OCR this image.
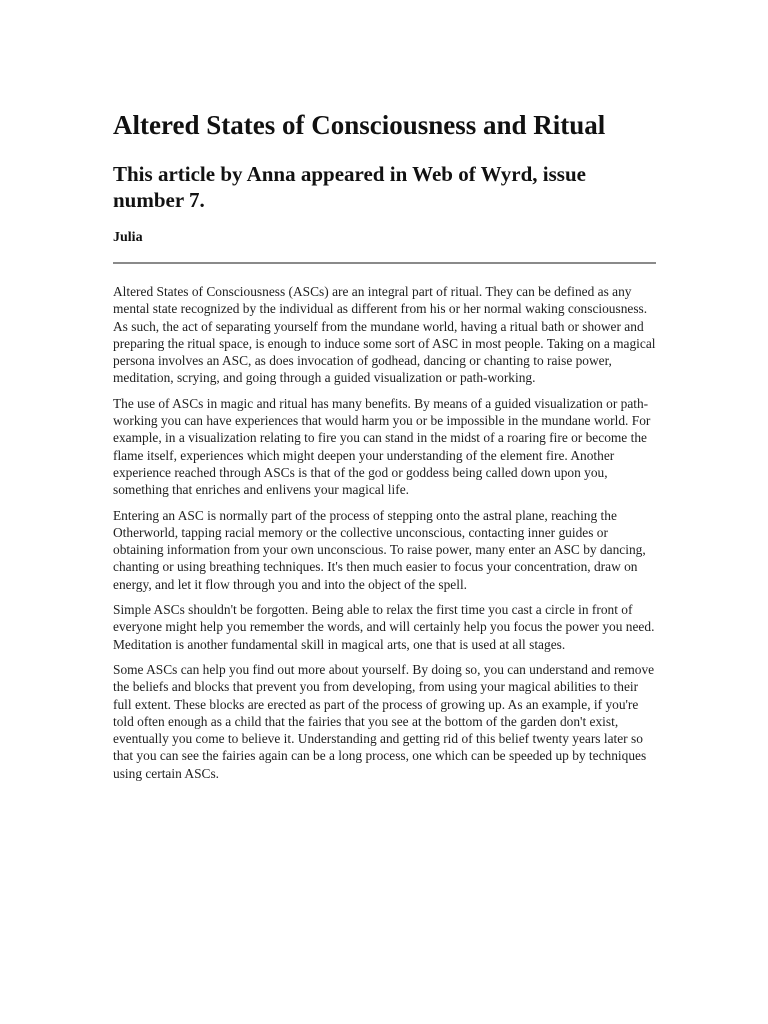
Altered States of Consciousness and Ritual
This article by Anna appeared in Web of Wyrd, issue number 7.
Julia

Altered States of Consciousness (ASCs) are an integral part of ritual. They can be defined as any mental state recognized by the individual as different from his or her normal waking consciousness. As such, the act of separating yourself from the mundane world, having a ritual bath or shower and preparing the ritual space, is enough to induce some sort of ASC in most people. Taking on a magical persona involves an ASC, as does invocation of godhead, dancing or chanting to raise power, meditation, scrying, and going through a guided visualization or path-working.

The use of ASCs in magic and ritual has many benefits. By means of a guided visualization or path-working you can have experiences that would harm you or be impossible in the mundane world. For example, in a visualization relating to fire you can stand in the midst of a roaring fire or become the flame itself, experiences which might deepen your understanding of the element fire. Another experience reached through ASCs is that of the god or goddess being called down upon you, something that enriches and enlivens your magical life.

Entering an ASC is normally part of the process of stepping onto the astral plane, reaching the Otherworld, tapping racial memory or the collective unconscious, contacting inner guides or obtaining information from your own unconscious. To raise power, many enter an ASC by dancing, chanting or using breathing techniques. It's then much easier to focus your concentration, draw on energy, and let it flow through you and into the object of the spell.

Simple ASCs shouldn't be forgotten. Being able to relax the first time you cast a circle in front of everyone might help you remember the words, and will certainly help you focus the power you need. Meditation is another fundamental skill in magical arts, one that is used at all stages.

Some ASCs can help you find out more about yourself. By doing so, you can understand and remove the beliefs and blocks that prevent you from developing, from using your magical abilities to their full extent. These blocks are erected as part of the process of growing up. As an example, if you're told often enough as a child that the fairies that you see at the bottom of the garden don't exist, eventually you come to believe it. Understanding and getting rid of this belief twenty years later so that you can see the fairies again can be a long process, one which can be speeded up by techniques using certain ASCs.
